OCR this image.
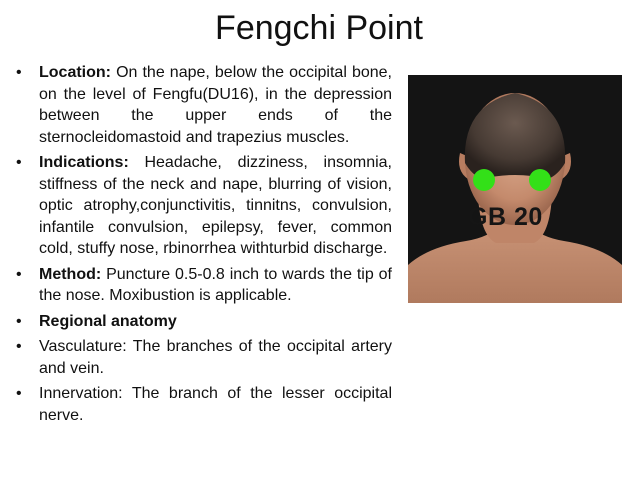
Fengchi Point
• Location: On the nape, below the occipital bone, on the level of Fengfu(DU16), in the depression between the upper ends of the sternocleidomastoid and trapezius muscles.
• Indications: Headache, dizziness, insomnia, stiffness of the neck and nape, blurring of vision, optic atrophy,conjunctivitis, tinnitns, convulsion, infantile convulsion, epilepsy, fever, common cold, stuffy nose, rbinorrhea withturbid discharge.
• Method: Puncture 0.5-0.8 inch to wards the tip of the nose. Moxibustion is applicable.
• Regional anatomy
• Vasculature: The branches of the occipital artery and vein.
• Innervation: The branch of the lesser occipital nerve.
GB 20
